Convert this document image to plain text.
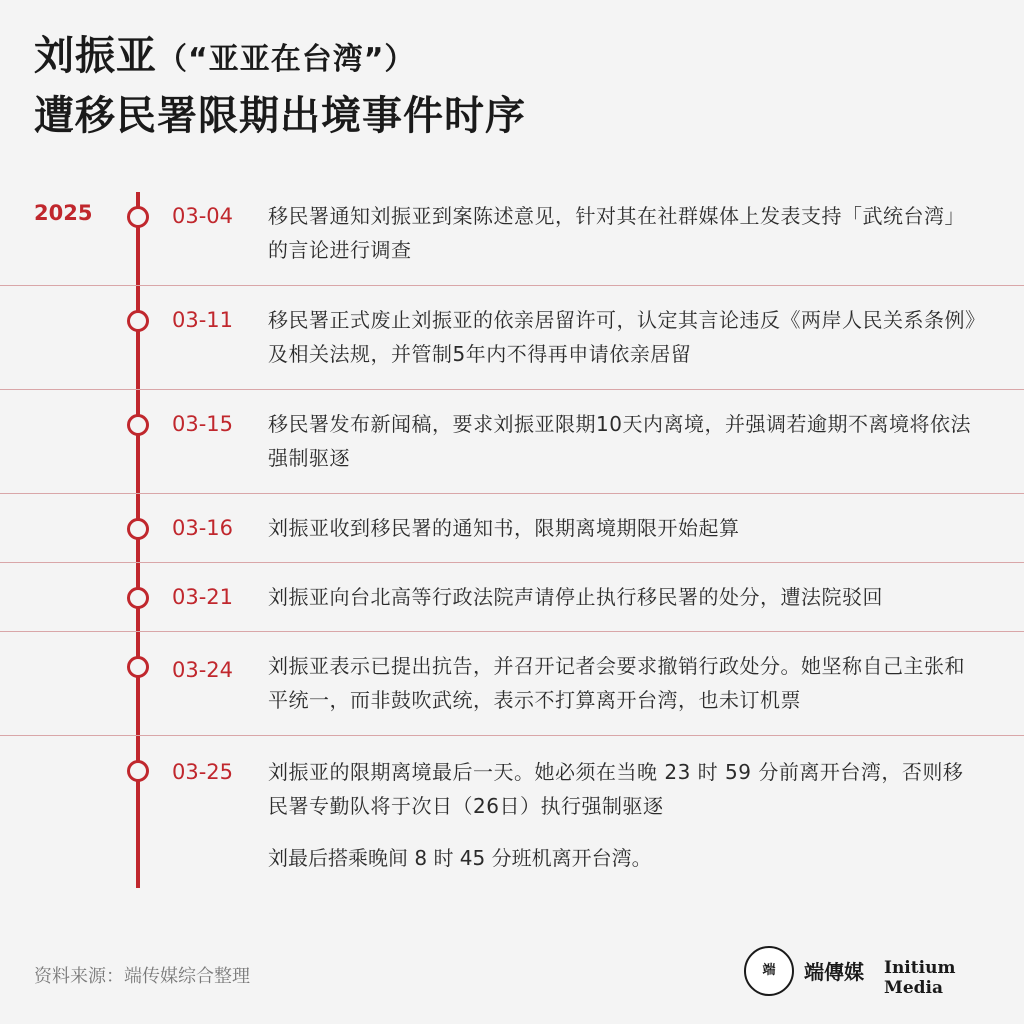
刘振亚（“亚亚在台湾”）
遭移民署限期出境事件时序
2025	03-04	移民署通知刘振亚到案陈述意见，针对其在社群媒体上发表支持「武统台湾」的言论进行调查
03-11	移民署正式废止刘振亚的依亲居留许可，认定其言论违反《两岸人民关系条例》及相关法规，并管制5年内不得再申请依亲居留
03-15	移民署发布新闻稿，要求刘振亚限期10天内离境，并强调若逾期不离境将依法强制驱逐
03-16	刘振亚收到移民署的通知书，限期离境期限开始起算
03-21	刘振亚向台北高等行政法院声请停止执行移民署的处分，遭法院驳回
03-24	刘振亚表示已提出抗告，并召开记者会要求撤销行政处分。她坚称自己主张和平统一，而非鼓吹武统，表示不打算离开台湾，也未订机票
03-25	刘振亚的限期离境最后一天。她必须在当晚 23 时 59 分前离开台湾，否则移民署专勤队将于次日（26日）执行强制驱逐
刘最后搭乘晚间 8 时 45 分班机离开台湾。
资料来源：端传媒综合整理	端	端傳媒 Initium Media
